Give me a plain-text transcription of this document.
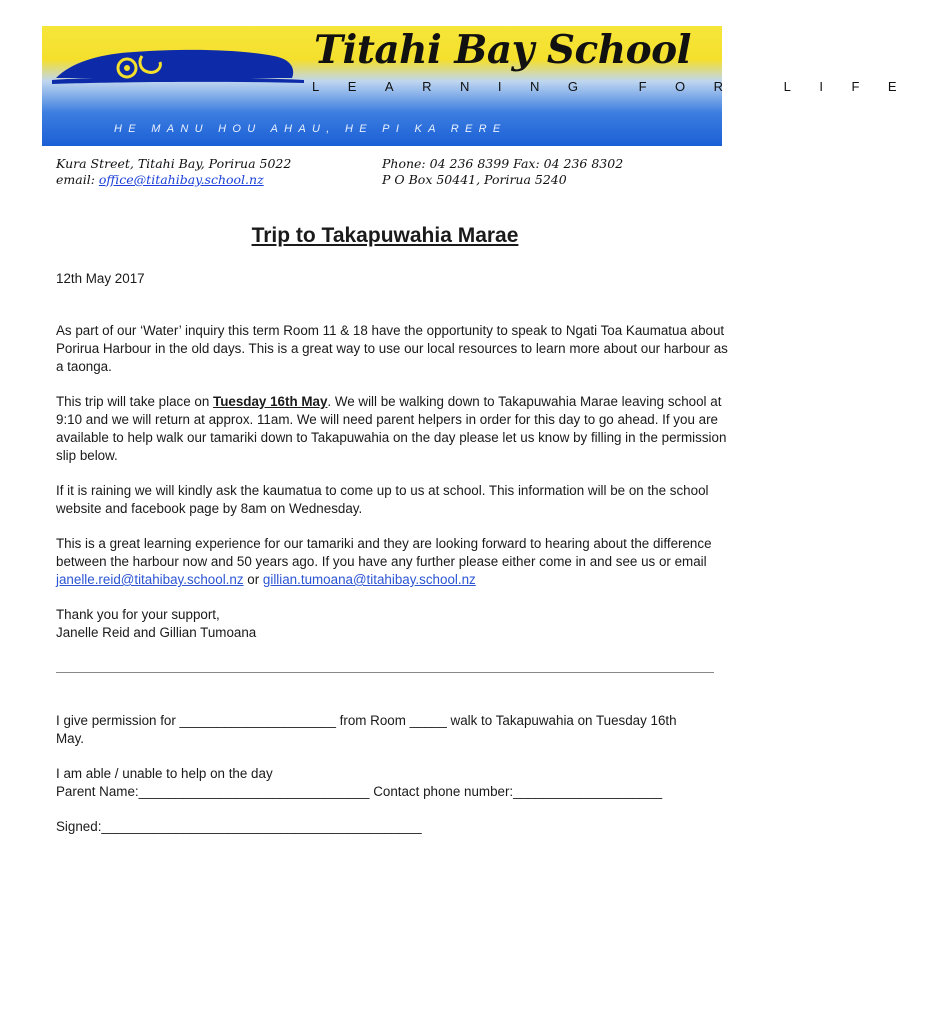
Titahi Bay School
LEARNING FOR LIFE
HE MANU HOU AHAU, HE PI KA RERE
Kura Street, Titahi Bay, Porirua 5022
email: office@titahibay.school.nz
Phone: 04 236 8399 Fax: 04 236 8302
P O Box 50441, Porirua 5240
Trip to Takapuwahia Marae

12th May 2017

As part of our ‘Water’ inquiry this term Room 11 & 18 have the opportunity to speak to Ngati Toa Kaumatua about Porirua Harbour in the old days. This is a great way to use our local resources to learn more about our harbour as a taonga.

This trip will take place on Tuesday 16th May. We will be walking down to Takapuwahia Marae leaving school at 9:10 and we will return at approx. 11am. We will need parent helpers in order for this day to go ahead. If you are available to help walk our tamariki down to Takapuwahia on the day please let us know by filling in the permission slip below.

If it is raining we will kindly ask the kaumatua to come up to us at school. This information will be on the school website and facebook page by 8am on Wednesday.

This is a great learning experience for our tamariki and they are looking forward to hearing about the difference between the harbour now and 50 years ago. If you have any further please either come in and see us or email janelle.reid@titahibay.school.nz or gillian.tumoana@titahibay.school.nz

Thank you for your support,

Janelle Reid and Gillian Tumoana

I give permission for _____________________ from Room _____ walk to Takapuwahia on Tuesday 16th May.

I am able / unable to help on the day

Parent Name:_______________________________ Contact phone number:____________________

Signed:___________________________________________
